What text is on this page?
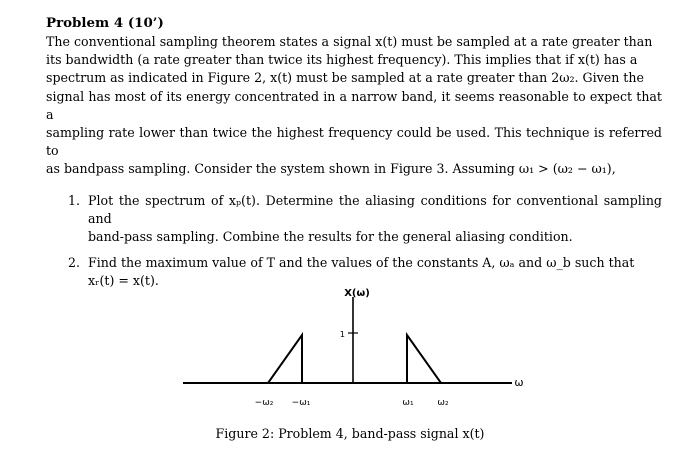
Problem 4 (10’)

The conventional sampling theorem states a signal x(t) must be sampled at a rate greater than
its bandwidth (a rate greater than twice its highest frequency). This implies that if x(t) has a
spectrum as indicated in Figure 2, x(t) must be sampled at a rate greater than 2ω₂. Given the
signal has most of its energy concentrated in a narrow band, it seems reasonable to expect that a
sampling rate lower than twice the highest frequency could be used. This technique is referred to
as bandpass sampling. Consider the system shown in Figure 3. Assuming ω₁ > (ω₂ − ω₁),

1. Plot the spectrum of xₚ(t). Determine the aliasing conditions for conventional sampling and
band-pass sampling. Combine the results for the general aliasing condition.
2. Find the maximum value of T and the values of the constants A, ωₐ and ω_b such that
xᵣ(t) = x(t).
X(ω)
1
ω
−ω₂ −ω₁	ω₁	ω₂
Figure 2: Problem 4, band-pass signal x(t)
